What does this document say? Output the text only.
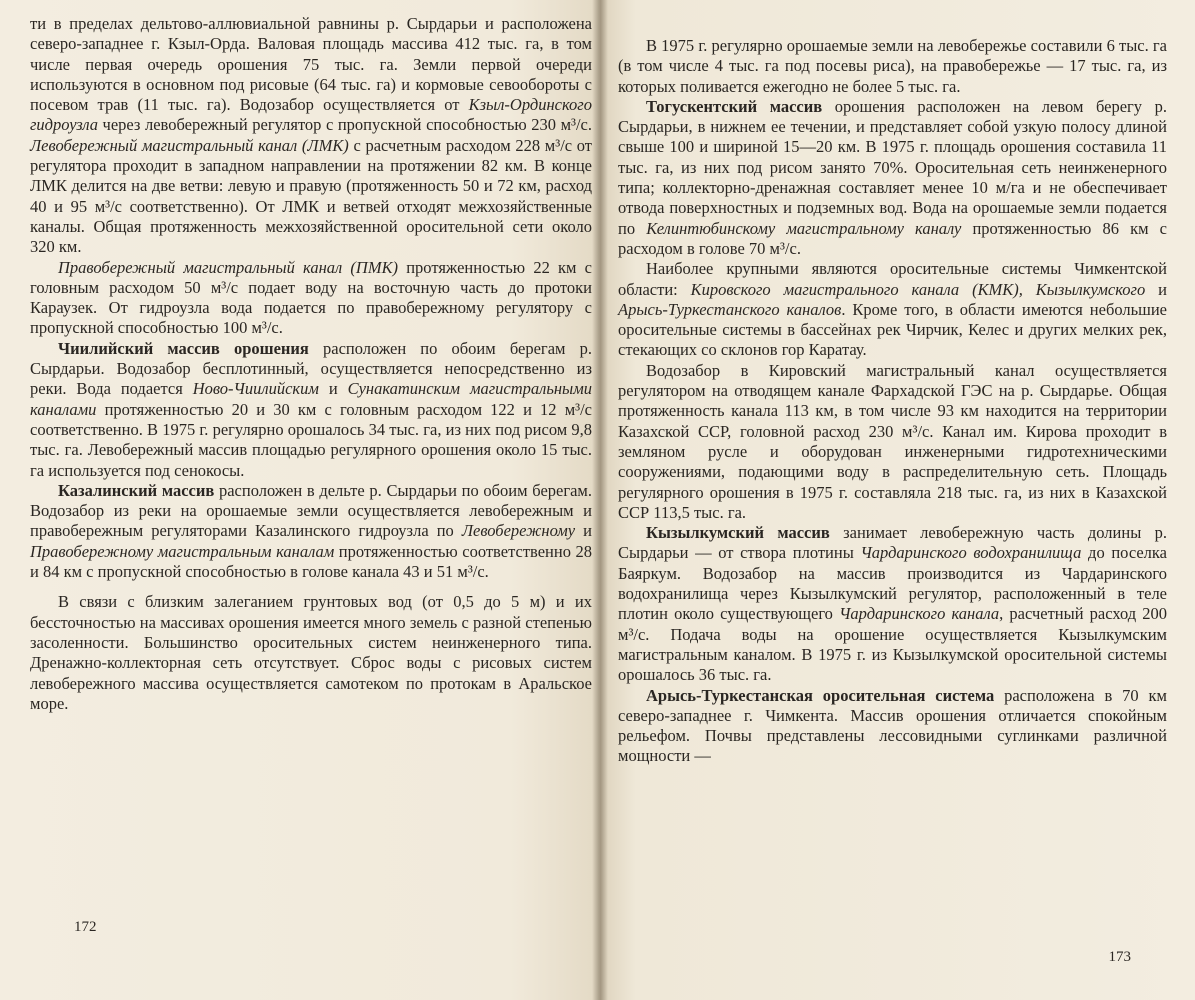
ти в пределах дельтово-аллювиальной равнины р. Сырдарьи и расположена северо-западнее г. Кзыл-Орда. Валовая площадь массива 412 тыс. га, в том числе первая очередь орошения 75 тыс. га. Земли первой очереди используются в основном под рисовые (64 тыс. га) и кормовые севообороты с посевом трав (11 тыс. га). Водозабор осуществляется от Кзыл-Ординского гидроузла через левобережный регулятор с пропускной способностью 230 м³/с. Левобережный магистральный канал (ЛМК) с расчетным расходом 228 м³/с от регулятора проходит в западном направлении на протяжении 82 км. В конце ЛМК делится на две ветви: левую и правую (протяженность 50 и 72 км, расход 40 и 95 м³/с соответственно). От ЛМК и ветвей отходят межхозяйственные каналы. Общая протяженность межхозяйственной оросительной сети около 320 км.

Правобережный магистральный канал (ПМК) протяженностью 22 км с головным расходом 50 м³/с подает воду на восточную часть до протоки Караузек. От гидроузла вода подается по правобережному регулятору с пропускной способностью 100 м³/с.

Чиилийский массив орошения расположен по обоим берегам р. Сырдарьи. Водозабор бесплотинный, осуществляется непосредственно из реки. Вода подается Ново-Чиилийским и Сунакатинским магистральными каналами протяженностью 20 и 30 км с головным расходом 122 и 12 м³/с соответственно. В 1975 г. регулярно орошалось 34 тыс. га, из них под рисом 9,8 тыс. га. Левобережный массив площадью регулярного орошения около 15 тыс. га используется под сенокосы.

Казалинский массив расположен в дельте р. Сырдарьи по обоим берегам. Водозабор из реки на орошаемые земли осуществляется левобережным и правобережным регуляторами Казалинского гидроузла по Левобережному и Правобережному магистральным каналам протяженностью соответственно 28 и 84 км с пропускной способностью в голове канала 43 и 51 м³/с.

В связи с близким залеганием грунтовых вод (от 0,5 до 5 м) и их бессточностью на массивах орошения имеется много земель с разной степенью засоленности. Большинство оросительных систем неинженерного типа. Дренажно-коллекторная сеть отсутствует. Сброс воды с рисовых систем левобережного массива осуществляется самотеком по протокам в Аральское море.

172

В 1975 г. регулярно орошаемые земли на левобережье составили 6 тыс. га (в том числе 4 тыс. га под посевы риса), на правобережье — 17 тыс. га, из которых поливается ежегодно не более 5 тыс. га.

Тогускентский массив орошения расположен на левом берегу р. Сырдарьи, в нижнем ее течении, и представляет собой узкую полосу длиной свыше 100 и шириной 15—20 км. В 1975 г. площадь орошения составила 11 тыс. га, из них под рисом занято 70%. Оросительная сеть неинженерного типа; коллекторно-дренажная составляет менее 10 м/га и не обеспечивает отвода поверхностных и подземных вод. Вода на орошаемые земли подается по Келинтюбинскому магистральному каналу протяженностью 86 км с расходом в голове 70 м³/с.

Наиболее крупными являются оросительные системы Чимкентской области: Кировского магистрального канала (КМК), Кызылкумского и Арысь-Туркестанского каналов. Кроме того, в области имеются небольшие оросительные системы в бассейнах рек Чирчик, Келес и других мелких рек, стекающих со склонов гор Каратау.

Водозабор в Кировский магистральный канал осуществляется регулятором на отводящем канале Фархадской ГЭС на р. Сырдарье. Общая протяженность канала 113 км, в том числе 93 км находится на территории Казахской ССР, головной расход 230 м³/с. Канал им. Кирова проходит в земляном русле и оборудован инженерными гидротехническими сооружениями, подающими воду в распределительную сеть. Площадь регулярного орошения в 1975 г. составляла 218 тыс. га, из них в Казахской ССР 113,5 тыс. га.

Кызылкумский массив занимает левобережную часть долины р. Сырдарьи — от створа плотины Чардаринского водохранилища до поселка Баяркум. Водозабор на массив производится из Чардаринского водохранилища через Кызылкумский регулятор, расположенный в теле плотин около существующего Чардаринского канала, расчетный расход 200 м³/с. Подача воды на орошение осуществляется Кызылкумским магистральным каналом. В 1975 г. из Кызылкумской оросительной системы орошалось 36 тыс. га.

Арысь-Туркестанская оросительная система расположена в 70 км северо-западнее г. Чимкента. Массив орошения отличается спокойным рельефом. Почвы представлены лессовидными суглинками различной мощности —

173
